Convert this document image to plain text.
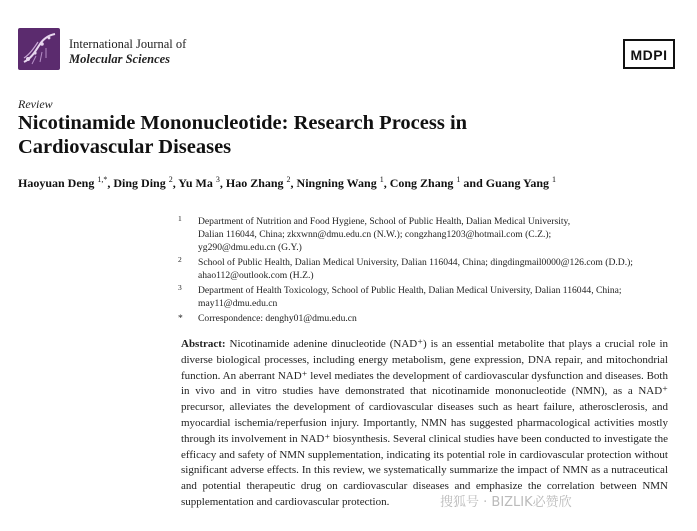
International Journal of
Molecular Sciences	MDPI
Review
Nicotinamide Mononucleotide: Research Process in
Cardiovascular Diseases
Haoyuan Deng $^{1,*}$, Ding Ding $^2$, Yu Ma $^3$, Hao Zhang $^2$, Ningning Wang $^1$, Cong Zhang $^1$ and Guang Yang $^1$
1 Department of Nutrition and Food Hygiene, School of Public Health, Dalian Medical University,
Dalian 116044, China; zkxwnn@dmu.edu.cn (N.W.); congzhang1203@hotmail.com (C.Z.);
yg290@dmu.edu.cn (G.Y.)
2 School of Public Health, Dalian Medical University, Dalian 116044, China; dingdingmail0000@126.com (D.D.);
ahao112@outlook.com (H.Z.)
3 Department of Health Toxicology, School of Public Health, Dalian Medical University, Dalian 116044, China;
may11@dmu.edu.cn
* Correspondence: denghy01@dmu.edu.cn
Abstract: Nicotinamide adenine dinucleotide (NAD⁺) is an essential metabolite that plays a crucial role in diverse biological processes, including energy metabolism, gene expression, DNA repair, and mitochondrial function. An aberrant NAD⁺ level mediates the development of cardiovascular dysfunction and diseases. Both in vivo and in vitro studies have demonstrated that nicotinamide mononucleotide (NMN), as a NAD⁺ precursor, alleviates the development of cardiovascular diseases such as heart failure, atherosclerosis, and myocardial ischemia/reperfusion injury. Importantly, NMN has suggested pharmacological activities mostly through its involvement in NAD⁺ biosynthesis. Several clinical studies have been conducted to investigate the efficacy and safety of NMN supplementation, indicating its potential role in cardiovascular protection without significant adverse effects. In this review, we systematically summarize the impact of NMN as a nutraceutical and potential therapeutic drug on cardiovascular diseases and emphasize the correlation between NMN supplementation and cardiovascular protection.	搜狐号 · BIZLIK必赞欣
